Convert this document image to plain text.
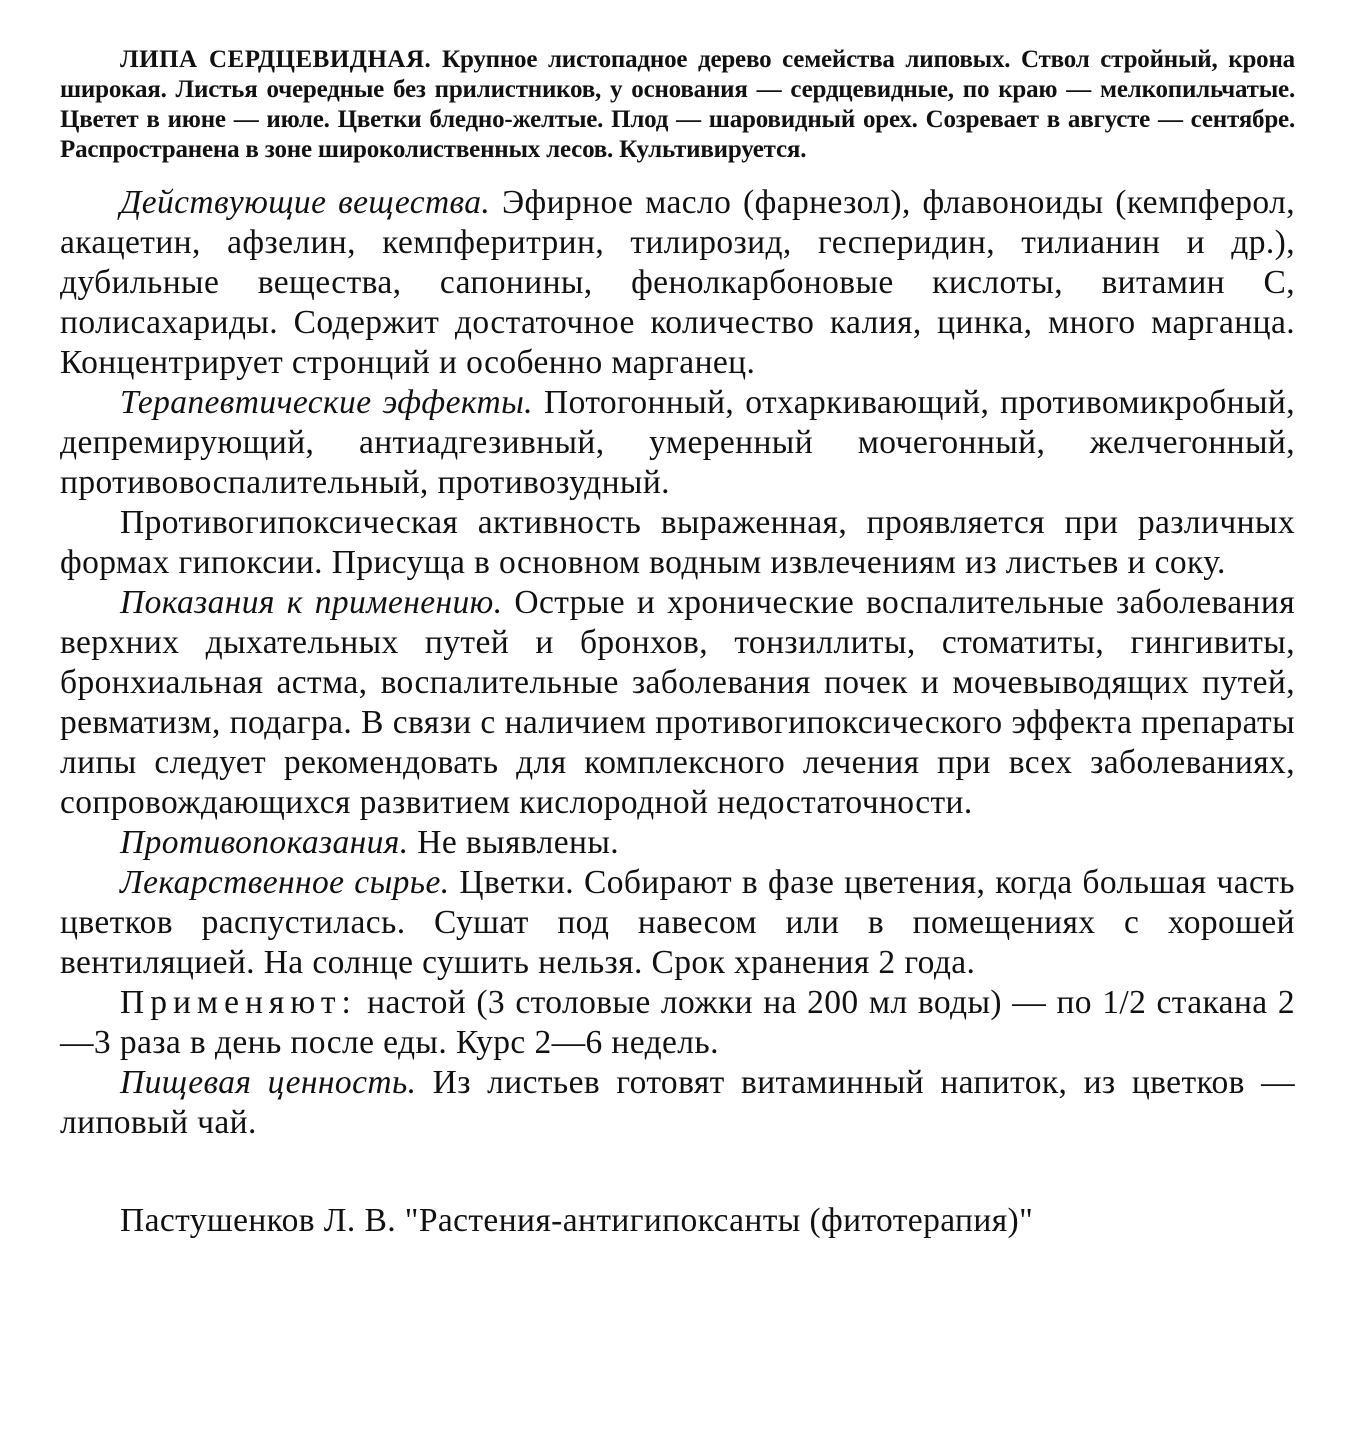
ЛИПА СЕРДЦЕВИДНАЯ. Крупное листопадное дерево семейства липовых. Ствол стройный, крона широкая. Листья очередные без прилистников, у основания — сердцевидные, по краю — мелкопильчатые. Цветет в июне — июле. Цветки бледно-желтые. Плод — шаровидный орех. Созревает в августе — сентябре. Распространена в зоне широколиственных лесов. Культивируется.

Действующие вещества. Эфирное масло (фарнезол), флавоноиды (кемпферол, акацетин, афзелин, кемпферитрин, тилирозид, гесперидин, тилианин и др.), дубильные вещества, сапонины, фенолкарбоновые кислоты, витамин С, полисахариды. Содержит достаточное количество калия, цинка, много марганца. Концентрирует стронций и особенно марганец.

Терапевтические эффекты. Потогонный, отхаркивающий, противомикробный, депремирующий, антиадгезивный, умеренный мочегонный, желчегонный, противовоспалительный, противозудный.

Противогипоксическая активность выраженная, проявляется при различных формах гипоксии. Присуща в основном водным извлечениям из листьев и соку.

Показания к применению. Острые и хронические воспалительные заболевания верхних дыхательных путей и бронхов, тонзиллиты, стоматиты, гингивиты, бронхиальная астма, воспалительные заболевания почек и мочевыводящих путей, ревматизм, подагра. В связи с наличием противогипоксического эффекта препараты липы следует рекомендовать для комплексного лечения при всех заболеваниях, сопровождающихся развитием кислородной недостаточности.

Противопоказания. Не выявлены.

Лекарственное сырье. Цветки. Собирают в фазе цветения, когда большая часть цветков распустилась. Сушат под навесом или в помещениях с хорошей вентиляцией. На солнце сушить нельзя. Срок хранения 2 года.

Применяют: настой (3 столовые ложки на 200 мл воды) — по 1/2 стакана 2—3 раза в день после еды. Курс 2—6 недель.

Пищевая ценность. Из листьев готовят витаминный напиток, из цветков — липовый чай.

Пастушенков Л. В. "Растения-антигипоксанты (фитотерапия)"
